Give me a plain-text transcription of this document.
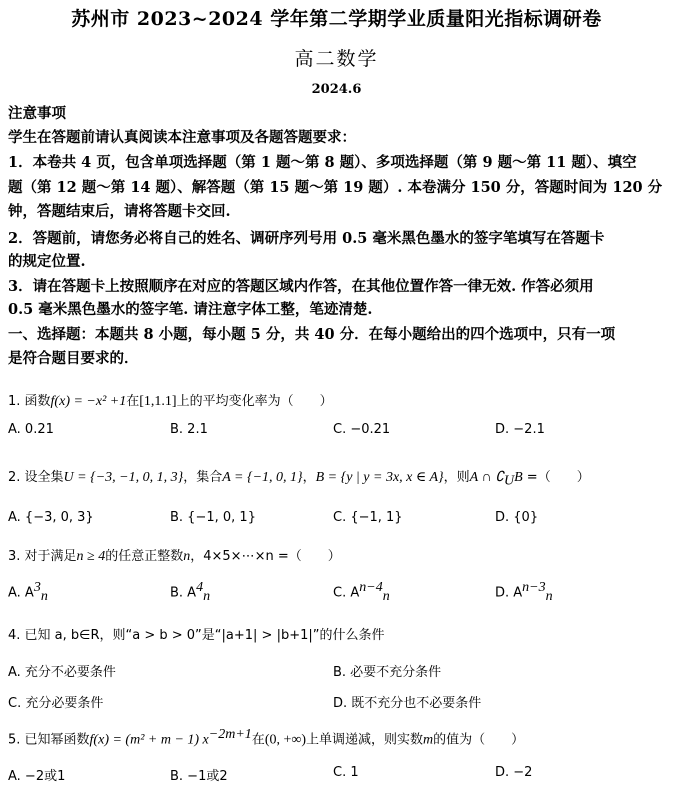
苏州市 2023~2024 学年第二学期学业质量阳光指标调研卷
高二数学
2024.6
注意事项
学生在答题前请认真阅读本注意事项及各题答题要求：
1．本卷共 4 页，包含单项选择题（第 1 题～第 8 题）、多项选择题（第 9 题～第 11 题）、填空
题（第 12 题～第 14 题）、解答题（第 15 题～第 19 题）. 本卷满分 150 分，答题时间为 120 分
钟，答题结束后，请将答题卡交回.
2．答题前，请您务必将自己的姓名、调研序列号用 0.5 毫米黑色墨水的签字笔填写在答题卡
的规定位置.
3．请在答题卡上按照顺序在对应的答题区域内作答，在其他位置作答一律无效. 作答必须用
0.5 毫米黑色墨水的签字笔. 请注意字体工整，笔迹清楚.
一、选择题：本题共 8 小题，每小题 5 分，共 40 分．在每小题给出的四个选项中，只有一项
是符合题目要求的．
1. 函数f(x) = −x² +1在[1,1.1]上的平均变化率为（　　）
A. 0.21	B. 2.1	C. −0.21	D. −2.1
2. 设全集U = {−3, −1, 0, 1, 3}，集合A = {−1, 0, 1}，B = {y | y = 3x, x ∈ A}，则A ∩ $∁_UB$ =（　　）
A. {−3, 0, 3}	B. {−1, 0, 1}	C. {−1, 1}	D. {0}
3. 对于满足n ≥ 4的任意正整数n，4×5×⋯×n =（　　）
A. $A^3_n$	B. $A^4_n$	C. $A^{n-4}_n$	D. $A^{n-3}_n$
4. 已知 a, b∈R，则“a > b > 0”是“|a+1| > |b+1|”的什么条件
A. 充分不必要条件	B. 必要不充分条件
C. 充分必要条件	D. 既不充分也不必要条件
5. 已知幂函数f(x) = (m² + m − 1) $x^{-2m+1}$在(0, +∞)上单调递减，则实数m的值为（　　）
A. −2或1	B. −1或2	C. 1	D. −2
